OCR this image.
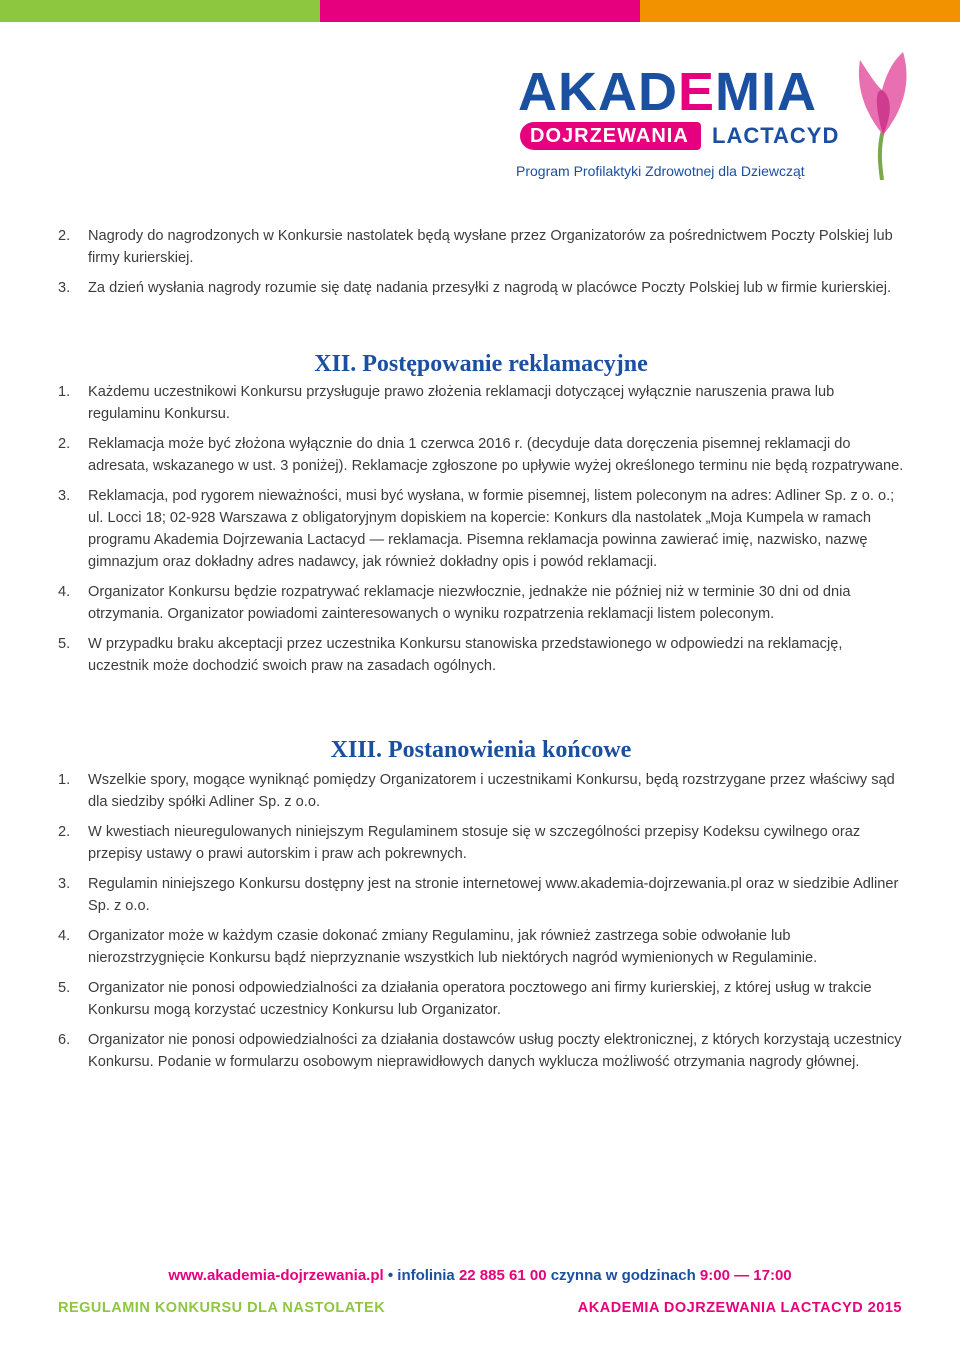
AKADEMIA
DOJRZEWANIA	LACTACYD
Program Profilaktyki Zdrowotnej dla Dziewcząt
2.	Nagrody do nagrodzonych w Konkursie nastolatek będą wysłane przez Organizatorów za pośrednictwem Poczty Polskiej lub firmy kurierskiej.
3.	Za dzień wysłania nagrody rozumie się datę nadania przesyłki z nagrodą w placówce Poczty Polskiej lub w firmie kurierskiej.
XII. Postępowanie reklamacyjne
1.	Każdemu uczestnikowi Konkursu przysługuje prawo złożenia reklamacji dotyczącej wyłącznie naruszenia prawa lub regulaminu Konkursu.
2.	Reklamacja może być złożona wyłącznie do dnia 1 czerwca 2016 r. (decyduje data doręczenia pisemnej reklamacji do adresata, wskazanego w ust. 3 poniżej). Reklamacje zgłoszone po upływie wyżej określonego terminu nie będą rozpatrywane.
3.	Reklamacja, pod rygorem nieważności, musi być wysłana, w formie pisemnej, listem poleconym na adres: Adliner Sp. z o. o.; ul. Locci 18; 02-928 Warszawa z obligatoryjnym dopiskiem na kopercie: Konkurs dla nastolatek „Moja Kumpela w ramach programu Akademia Dojrzewania Lactacyd — reklamacja. Pisemna reklamacja powinna zawierać imię, nazwisko, nazwę gimnazjum oraz dokładny adres nadawcy, jak również dokładny opis i powód reklamacji.
4.	Organizator Konkursu będzie rozpatrywać reklamacje niezwłocznie, jednakże nie później niż w terminie 30 dni od dnia otrzymania. Organizator powiadomi zainteresowanych o wyniku rozpatrzenia reklamacji listem poleconym.
5.	W przypadku braku akceptacji przez uczestnika Konkursu stanowiska przedstawionego w odpowiedzi na reklamację, uczestnik może dochodzić swoich praw na zasadach ogólnych.
XIII. Postanowienia końcowe
1.	Wszelkie spory, mogące wyniknąć pomiędzy Organizatorem i uczestnikami Konkursu, będą rozstrzygane przez właściwy sąd dla siedziby spółki Adliner Sp. z o.o.
2.	W kwestiach nieuregulowanych niniejszym Regulaminem stosuje się w szczególności przepisy Kodeksu cywilnego oraz przepisy ustawy o prawi autorskim i praw ach pokrewnych.
3.	Regulamin niniejszego Konkursu dostępny jest na stronie internetowej www.akademia-dojrzewania.pl oraz w siedzibie Adliner Sp. z o.o.
4.	Organizator może w każdym czasie dokonać zmiany Regulaminu, jak również zastrzega sobie odwołanie lub nierozstrzygnięcie Konkursu bądź nieprzyznanie wszystkich lub niektórych nagród wymienionych w Regulaminie.
5.	Organizator nie ponosi odpowiedzialności za działania operatora pocztowego ani firmy kurierskiej, z której usług w trakcie Konkursu mogą korzystać uczestnicy Konkursu lub Organizator.
6.	Organizator nie ponosi odpowiedzialności za działania dostawców usług poczty elektronicznej, z których korzystają uczestnicy Konkursu. Podanie w formularzu osobowym nieprawidłowych danych wyklucza możliwość otrzymania nagrody głównej.
www.akademia-dojrzewania.pl • infolinia 22 885 61 00 czynna w godzinach 9:00 — 17:00
REGULAMIN KONKURSU DLA NASTOLATEK	AKADEMIA DOJRZEWANIA LACTACYD 2015
